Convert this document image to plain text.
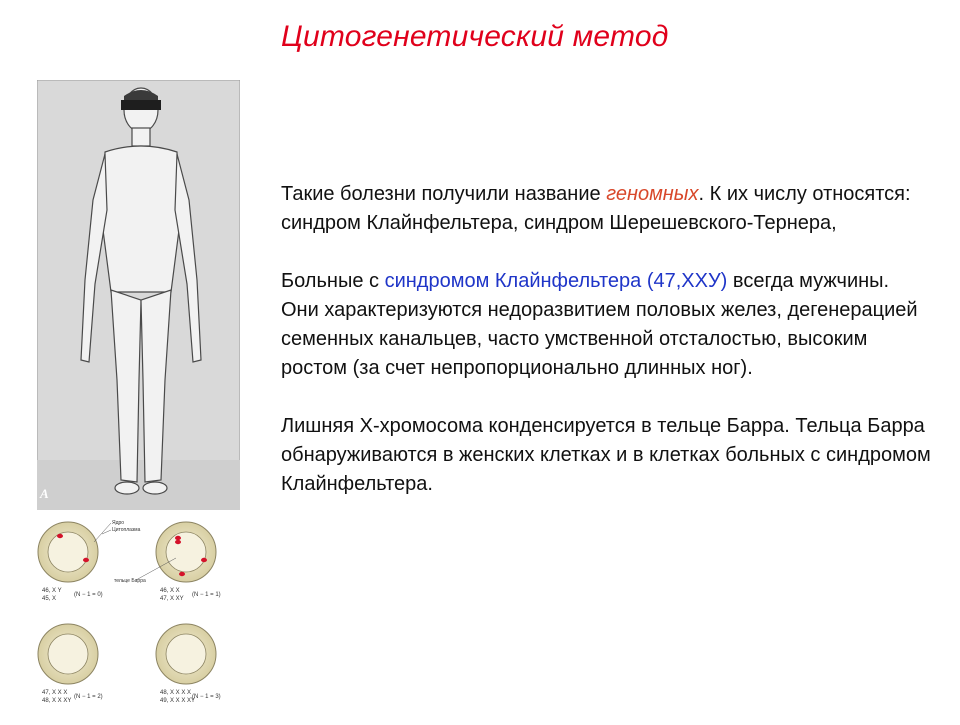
Цитогенетический метод
A

Такие болезни получили название геномных. К их числу относятся: синдром Клайнфельтера, синдром Шерешевского-Тернера,

Больные с синдромом Клайнфельтера (47,ХХУ) всегда мужчины. Они характеризуются недоразвитием половых желез, дегенерацией семенных канальцев, часто умственной отсталостью, высоким ростом (за счет непропорционально длинных ног).

Лишняя Х-хромосома конденсируется в тельце Барра. Тельца Барра обнаруживаются в женских клетках и в клетках больных с синдромом Клайнфельтера.

46, X Y
45, X
(N − 1 = 0)
46, X X
47, X XY
(N − 1 = 1)
47, X X X
48, X X XY
(N − 1 = 2)
48, X X X X
49, X X X XY
(N − 1 = 3)
Ядро
Цитоплазма
тельце Барра
